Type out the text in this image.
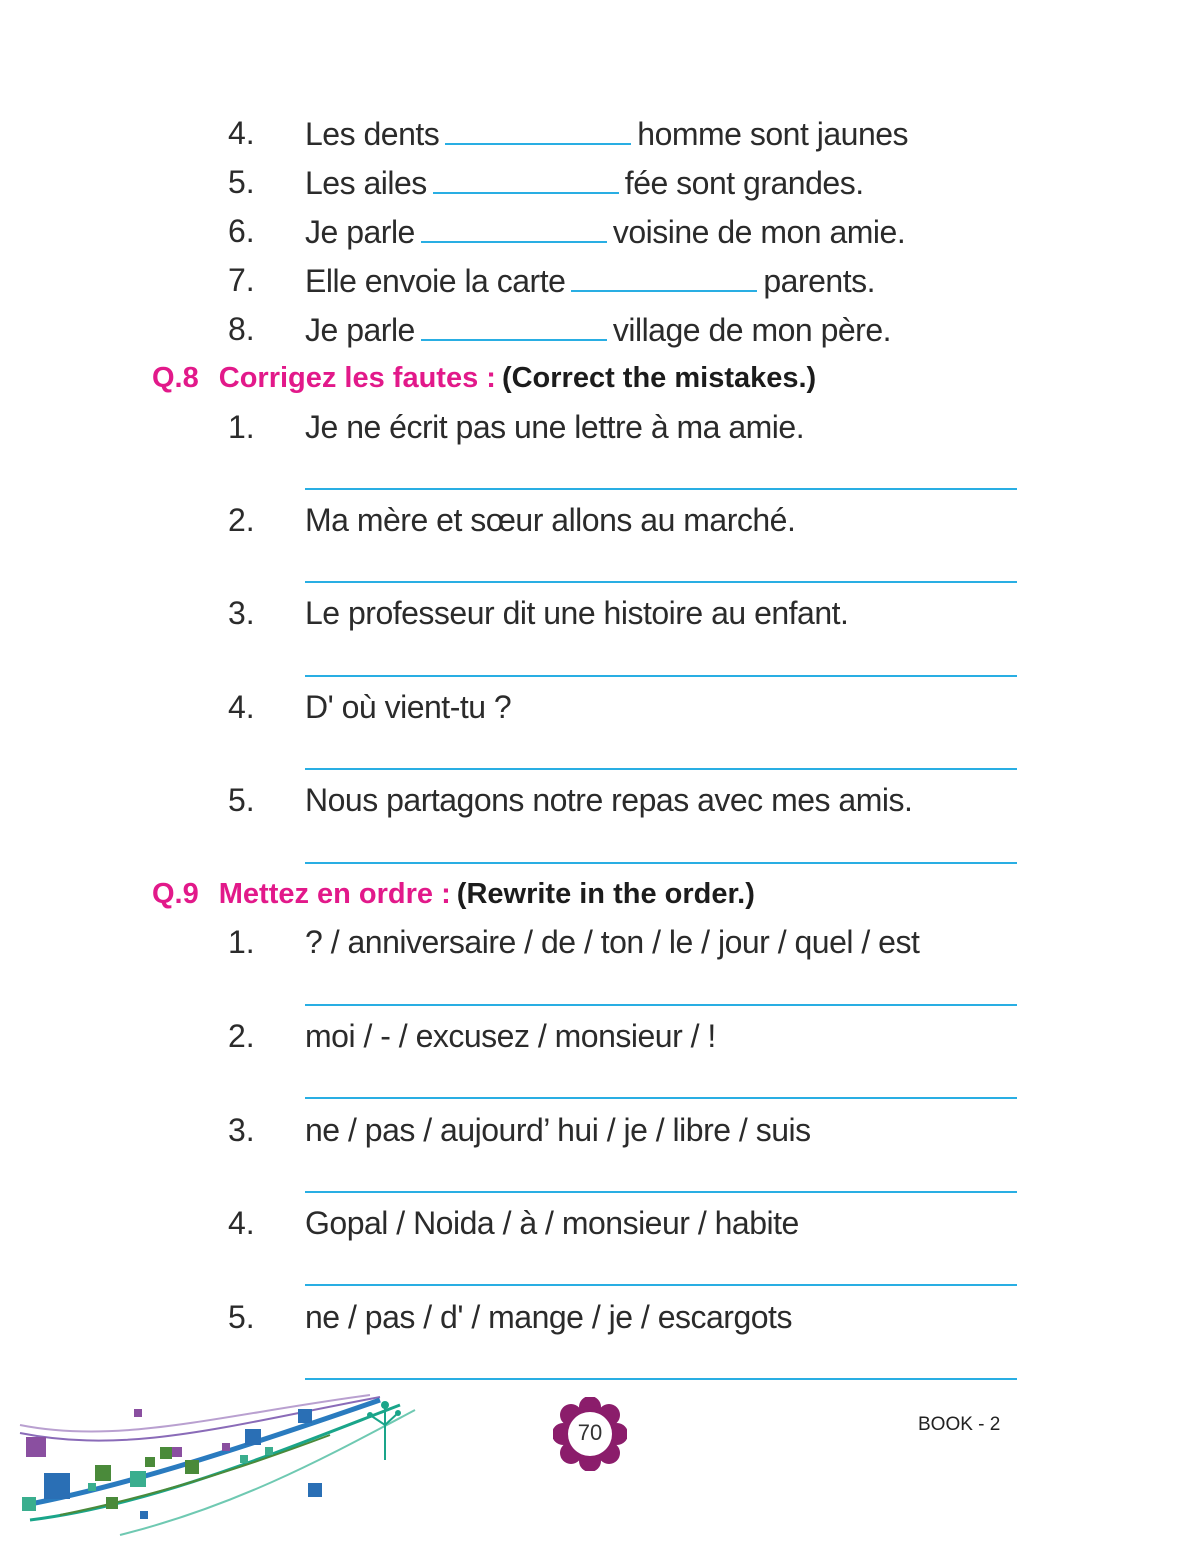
4. Les dents	homme sont jaunes
5. Les ailes	fée sont grandes.
6. Je parle	voisine de mon amie.
7. Elle envoie la carte	parents.
8. Je parle	village de mon père.
Q.8 Corrigez les fautes : (Correct the mistakes.)
1. Je ne écrit pas une lettre à ma amie.
2. Ma mère et sœur allons au marché.
3. Le professeur dit une histoire au enfant.
4. D' où vient-tu ?
5. Nous partagons notre repas avec mes amis.
Q.9 Mettez en ordre : (Rewrite in the order.)
1. ? / anniversaire / de / ton / le / jour / quel / est
2. moi / - / excusez / monsieur / !
3. ne / pas / aujourd’ hui / je / libre / suis
4. Gopal / Noida / à / monsieur / habite
5. ne / pas / d' / mange / je / escargots
70	BOOK - 2
